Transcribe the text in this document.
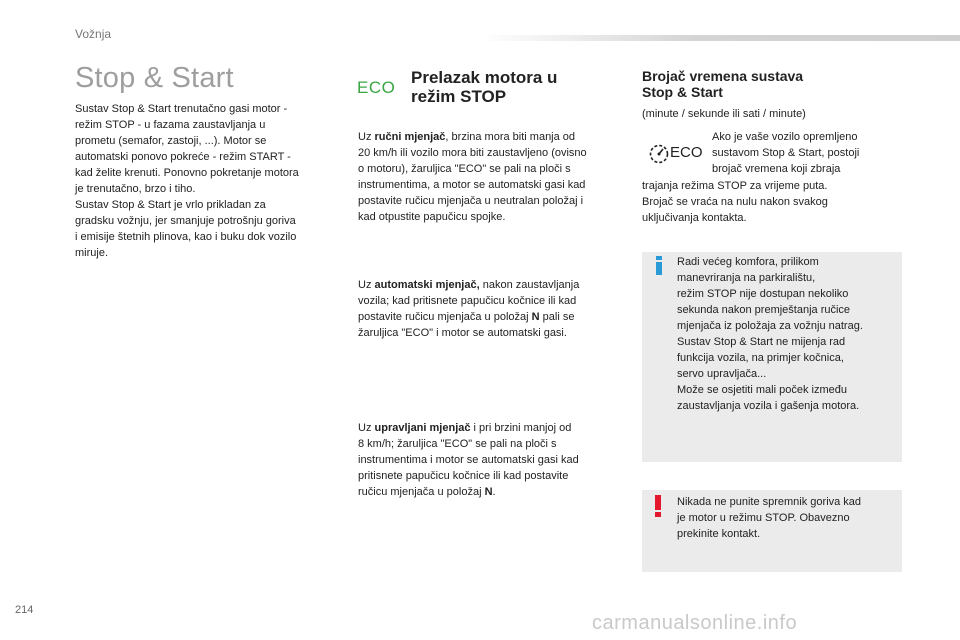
Vožnja
Stop & Start

Sustav Stop & Start trenutačno gasi motor -
režim STOP - u fazama zaustavljanja u
prometu (semafor, zastoji, ...). Motor se
automatski ponovo pokreće - režim START -
kad želite krenuti. Ponovno pokretanje motora
je trenutačno, brzo i tiho.

Sustav Stop & Start je vrlo prikladan za
gradsku vožnju, jer smanjuje potrošnju goriva
i emisije štetnih plinova, kao i buku dok vozilo
miruje.

ECO
Prelazak motora u
režim STOP

Uz ručni mjenjač, brzina mora biti manja od
20 km/h ili vozilo mora biti zaustavljeno (ovisno
o motoru), žaruljica "ECO" se pali na ploči s
instrumentima, a motor se automatski gasi kad
postavite ručicu mjenjača u neutralan položaj i
kad otpustite papučicu spojke.

Uz automatski mjenjač, nakon zaustavljanja
vozila; kad pritisnete papučicu kočnice ili kad
postavite ručicu mjenjača u položaj N pali se
žaruljica "ECO" i motor se automatski gasi.

Uz upravljani mjenjač i pri brzini manjoj od
8 km/h; žaruljica "ECO" se pali na ploči s
instrumentima i motor se automatski gasi kad
pritisnete papučicu kočnice ili kad postavite
ručicu mjenjača u položaj N.

Brojač vremena sustava
Stop & Start

(minute / sekunde ili sati / minute)

ECO

Ako je vaše vozilo opremljeno
sustavom Stop & Start, postoji
brojač vremena koji zbraja

trajanja režima STOP za vrijeme puta.
Brojač se vraća na nulu nakon svakog
uključivanja kontakta.

Radi većeg komfora, prilikom
manevriranja na parkiralištu,
režim STOP nije dostupan nekoliko
sekunda nakon premještanja ručice
mjenjača iz položaja za vožnju natrag.
Sustav Stop & Start ne mijenja rad
funkcija vozila, na primjer kočnica,
servo upravljača...
Može se osjetiti mali poček između
zaustavljanja vozila i gašenja motora.

Nikada ne punite spremnik goriva kad
je motor u režimu STOP. Obavezno
prekinite kontakt.

214
carmanualsonline.info
